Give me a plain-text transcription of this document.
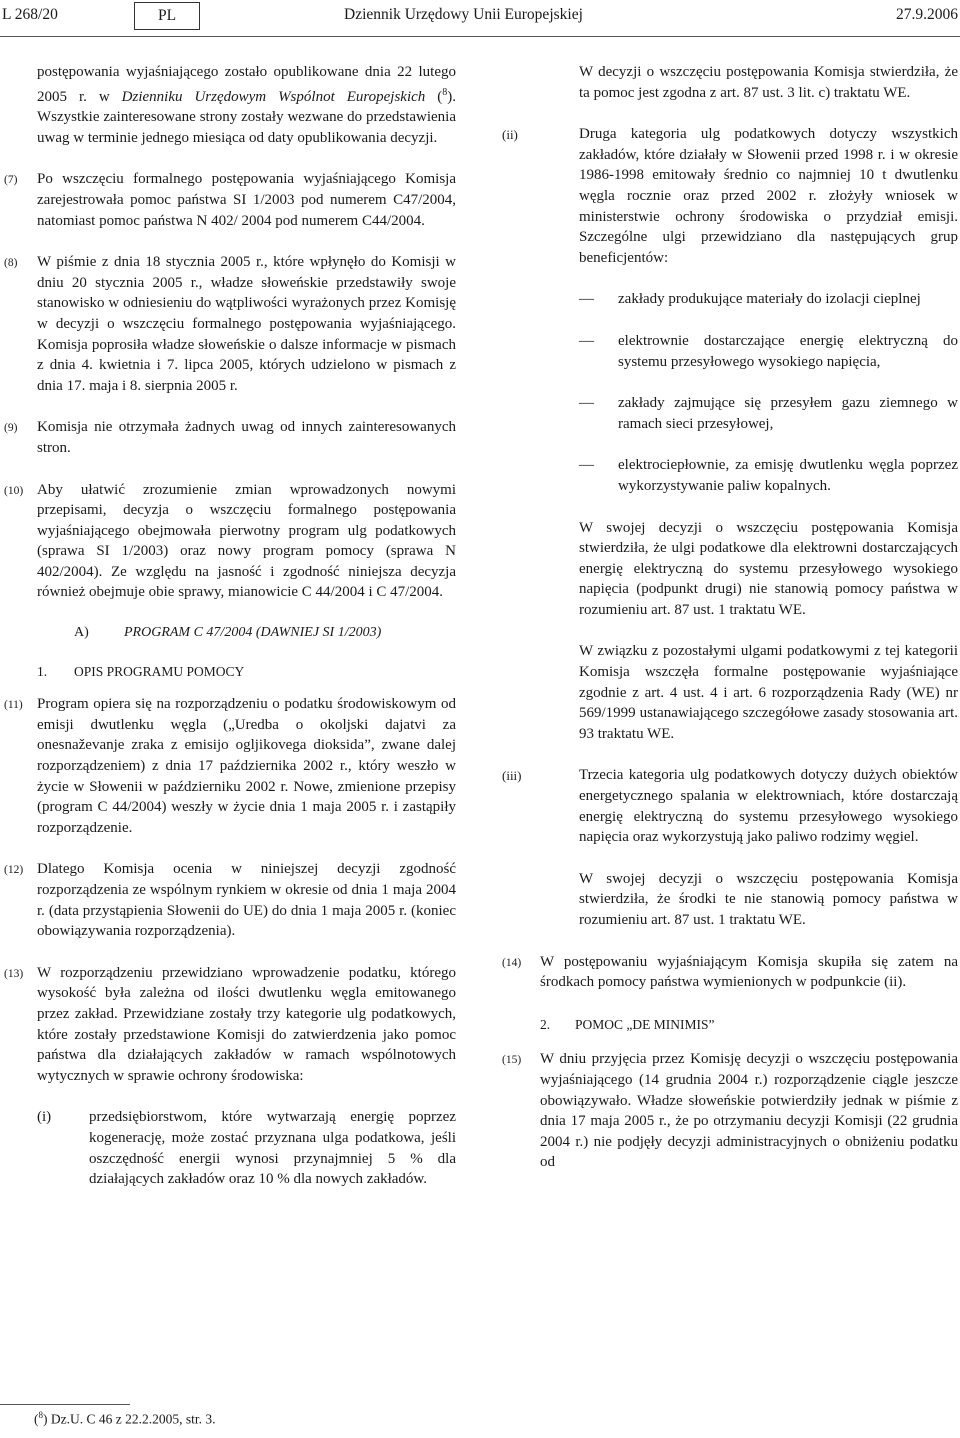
L 268/20	PL	Dziennik Urzędowy Unii Europejskiej	27.9.2006

postępowania wyjaśniającego zostało opublikowane dnia 22 lutego 2005 r. w Dzienniku Urzędowym Wspólnot Europejskich ($^8$). Wszystkie zainteresowane strony zostały wezwane do przedstawienia uwag w terminie jednego miesiąca od daty opublikowania decyzji.

(7) Po wszczęciu formalnego postępowania wyjaśniającego Komisja zarejestrowała pomoc państwa SI 1/2003 pod numerem C47/2004, natomiast pomoc państwa N 402/ 2004 pod numerem C44/2004.

(8) W piśmie z dnia 18 stycznia 2005 r., które wpłynęło do Komisji w dniu 20 stycznia 2005 r., władze słoweńskie przedstawiły swoje stanowisko w odniesieniu do wątpliwości wyrażonych przez Komisję w decyzji o wszczęciu formalnego postępowania wyjaśniającego. Komisja poprosiła władze słoweńskie o dalsze informacje w pismach z dnia 4. kwietnia i 7. lipca 2005, których udzielono w pismach z dnia 17. maja i 8. sierpnia 2005 r.

(9) Komisja nie otrzymała żadnych uwag od innych zainteresowanych stron.

(10) Aby ułatwić zrozumienie zmian wprowadzonych nowymi przepisami, decyzja o wszczęciu formalnego postępowania wyjaśniającego obejmowała pierwotny program ulg podatkowych (sprawa SI 1/2003) oraz nowy program pomocy (sprawa N 402/2004). Ze względu na jasność i zgodność niniejsza decyzja również obejmuje obie sprawy, mianowicie C 44/2004 i C 47/2004.

A)	PROGRAM C 47/2004 (DAWNIEJ SI 1/2003)

1. OPIS PROGRAMU POMOCY

(11) Program opiera się na rozporządzeniu o podatku środowiskowym od emisji dwutlenku węgla („Uredba o okoljski dajatvi za onesnaževanje zraka z emisijo ogljikovega dioksida”, zwane dalej rozporządzeniem) z dnia 17 października 2002 r., który weszło w życie w Słowenii w październiku 2002 r. Nowe, zmienione przepisy (program C 44/2004) weszły w życie dnia 1 maja 2005 r. i zastąpiły rozporządzenie.

(12) Dlatego Komisja ocenia w niniejszej decyzji zgodność rozporządzenia ze wspólnym rynkiem w okresie od dnia 1 maja 2004 r. (data przystąpienia Słowenii do UE) do dnia 1 maja 2005 r. (koniec obowiązywania rozporządzenia).

(13) W rozporządzeniu przewidziano wprowadzenie podatku, którego wysokość była zależna od ilości dwutlenku węgla emitowanego przez zakład. Przewidziane zostały trzy kategorie ulg podatkowych, które zostały przedstawione Komisji do zatwierdzenia jako pomoc państwa dla działających zakładów w ramach wspólnotowych wytycznych w sprawie ochrony środowiska:

(i)	przedsiębiorstwom, które wytwarzają energię poprzez kogenerację, może zostać przyznana ulga podatkowa, jeśli oszczędność energii wynosi przynajmniej 5 % dla działających zakładów oraz 10 % dla nowych zakładów.

($^8$) Dz.U. C 46 z 22.2.2005, str. 3.

W decyzji o wszczęciu postępowania Komisja stwierdziła, że ta pomoc jest zgodna z art. 87 ust. 3 lit. c) traktatu WE.

(ii)	Druga kategoria ulg podatkowych dotyczy wszystkich zakładów, które działały w Słowenii przed 1998 r. i w okresie 1986-1998 emitowały średnio co najmniej 10 t dwutlenku węgla rocznie oraz przed 2002 r. złożyły wniosek w ministerstwie ochrony środowiska o przydział emisji. Szczególne ulgi przewidziano dla następujących grup beneficjentów:

— zakłady produkujące materiały do izolacji cieplnej

— elektrownie dostarczające energię elektryczną do systemu przesyłowego wysokiego napięcia,

— zakłady zajmujące się przesyłem gazu ziemnego w ramach sieci przesyłowej,

— elektrociepłownie, za emisję dwutlenku węgla poprzez wykorzystywanie paliw kopalnych.

W swojej decyzji o wszczęciu postępowania Komisja stwierdziła, że ulgi podatkowe dla elektrowni dostarczających energię elektryczną do systemu przesyłowego wysokiego napięcia (podpunkt drugi) nie stanowią pomocy państwa w rozumieniu art. 87 ust. 1 traktatu WE.

W związku z pozostałymi ulgami podatkowymi z tej kategorii Komisja wszczęła formalne postępowanie wyjaśniające zgodnie z art. 4 ust. 4 i art. 6 rozporządzenia Rady (WE) nr 569/1999 ustanawiającego szczegółowe zasady stosowania art. 93 traktatu WE.

(iii)	Trzecia kategoria ulg podatkowych dotyczy dużych obiektów energetycznego spalania w elektrowniach, które dostarczają energię elektryczną do systemu przesyłowego wysokiego napięcia oraz wykorzystują jako paliwo rodzimy węgiel.

W swojej decyzji o wszczęciu postępowania Komisja stwierdziła, że środki te nie stanowią pomocy państwa w rozumieniu art. 87 ust. 1 traktatu WE.

(14) W postępowaniu wyjaśniającym Komisja skupiła się zatem na środkach pomocy państwa wymienionych w podpunkcie (ii).

2. POMOC „DE MINIMIS”

(15) W dniu przyjęcia przez Komisję decyzji o wszczęciu postępowania wyjaśniającego (14 grudnia 2004 r.) rozporządzenie ciągle jeszcze obowiązywało. Władze słoweńskie potwierdziły jednak w piśmie z dnia 17 maja 2005 r., że po otrzymaniu decyzji Komisji (22 grudnia 2004 r.) nie podjęły decyzji administracyjnych o obniżeniu podatku od
